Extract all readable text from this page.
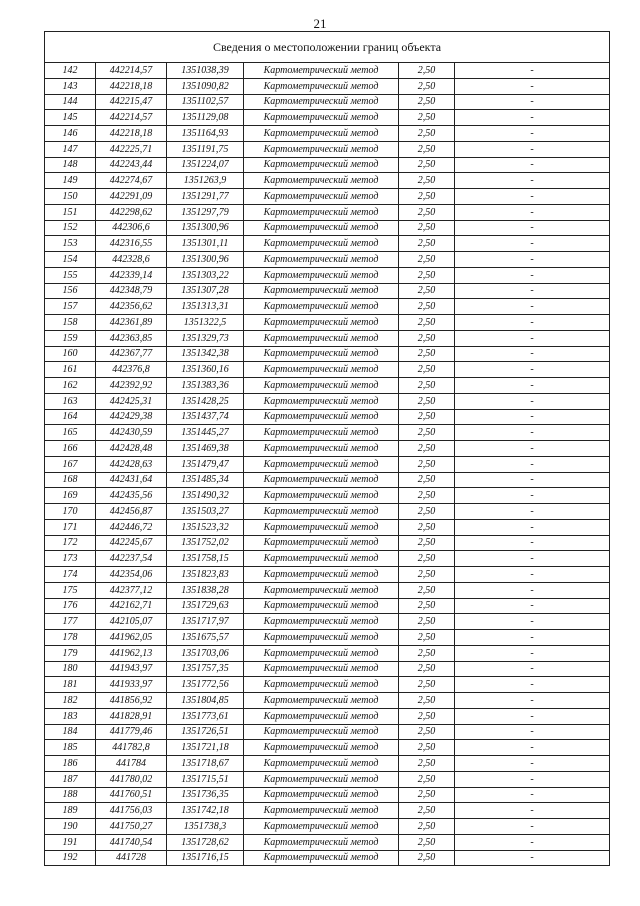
21
Сведения о местоположении границ объекта					
142	442214,57	1351038,39	Картометрический метод	2,50	-
143	442218,18	1351090,82	Картометрический метод	2,50	-
144	442215,47	1351102,57	Картометрический метод	2,50	-
145	442214,57	1351129,08	Картометрический метод	2,50	-
146	442218,18	1351164,93	Картометрический метод	2,50	-
147	442225,71	1351191,75	Картометрический метод	2,50	-
148	442243,44	1351224,07	Картометрический метод	2,50	-
149	442274,67	1351263,9	Картометрический метод	2,50	-
150	442291,09	1351291,77	Картометрический метод	2,50	-
151	442298,62	1351297,79	Картометрический метод	2,50	-
152	442306,6	1351300,96	Картометрический метод	2,50	-
153	442316,55	1351301,11	Картометрический метод	2,50	-
154	442328,6	1351300,96	Картометрический метод	2,50	-
155	442339,14	1351303,22	Картометрический метод	2,50	-
156	442348,79	1351307,28	Картометрический метод	2,50	-
157	442356,62	1351313,31	Картометрический метод	2,50	-
158	442361,89	1351322,5	Картометрический метод	2,50	-
159	442363,85	1351329,73	Картометрический метод	2,50	-
160	442367,77	1351342,38	Картометрический метод	2,50	-
161	442376,8	1351360,16	Картометрический метод	2,50	-
162	442392,92	1351383,36	Картометрический метод	2,50	-
163	442425,31	1351428,25	Картометрический метод	2,50	-
164	442429,38	1351437,74	Картометрический метод	2,50	-
165	442430,59	1351445,27	Картометрический метод	2,50	-
166	442428,48	1351469,38	Картометрический метод	2,50	-
167	442428,63	1351479,47	Картометрический метод	2,50	-
168	442431,64	1351485,34	Картометрический метод	2,50	-
169	442435,56	1351490,32	Картометрический метод	2,50	-
170	442456,87	1351503,27	Картометрический метод	2,50	-
171	442446,72	1351523,32	Картометрический метод	2,50	-
172	442245,67	1351752,02	Картометрический метод	2,50	-
173	442237,54	1351758,15	Картометрический метод	2,50	-
174	442354,06	1351823,83	Картометрический метод	2,50	-
175	442377,12	1351838,28	Картометрический метод	2,50	-
176	442162,71	1351729,63	Картометрический метод	2,50	-
177	442105,07	1351717,97	Картометрический метод	2,50	-
178	441962,05	1351675,57	Картометрический метод	2,50	-
179	441962,13	1351703,06	Картометрический метод	2,50	-
180	441943,97	1351757,35	Картометрический метод	2,50	-
181	441933,97	1351772,56	Картометрический метод	2,50	-
182	441856,92	1351804,85	Картометрический метод	2,50	-
183	441828,91	1351773,61	Картометрический метод	2,50	-
184	441779,46	1351726,51	Картометрический метод	2,50	-
185	441782,8	1351721,18	Картометрический метод	2,50	-
186	441784	1351718,67	Картометрический метод	2,50	-
187	441780,02	1351715,51	Картометрический метод	2,50	-
188	441760,51	1351736,35	Картометрический метод	2,50	-
189	441756,03	1351742,18	Картометрический метод	2,50	-
190	441750,27	1351738,3	Картометрический метод	2,50	-
191	441740,54	1351728,62	Картометрический метод	2,50	-
192	441728	1351716,15	Картометрический метод	2,50	-
